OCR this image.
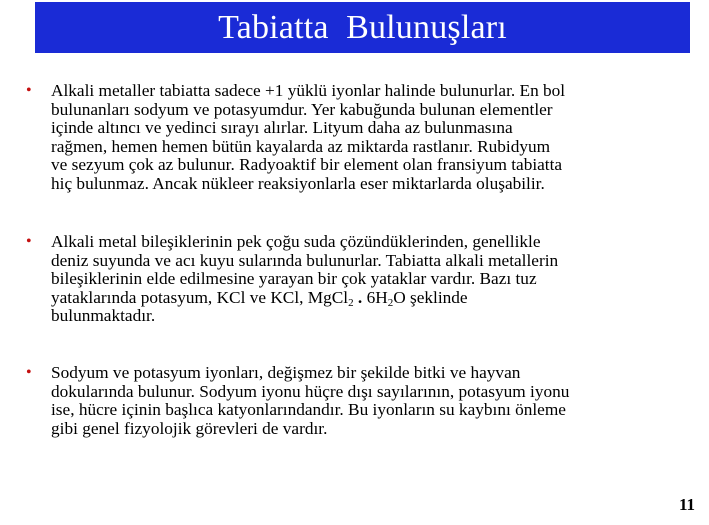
Tabiatta  Bulunuşları
• Alkali metaller tabiatta sadece +1 yüklü iyonlar halinde bulunurlar. En bol
bulunanları sodyum ve potasyumdur. Yer kabuğunda bulunan elementler
içinde altıncı ve yedinci sırayı alırlar. Lityum daha az bulunmasına
rağmen, hemen hemen bütün kayalarda az miktarda rastlanır. Rubidyum
ve sezyum çok az bulunur. Radyoaktif bir element olan fransiyum tabiatta
hiç bulunmaz. Ancak nükleer reaksiyonlarla eser miktarlarda oluşabilir.
• Alkali metal bileşiklerinin pek çoğu suda çözündüklerinden, genellikle
deniz suyunda ve acı kuyu sularında bulunurlar. Tabiatta alkali metallerin
bileşiklerinin elde edilmesine yarayan bir çok yataklar vardır. Bazı tuz
yataklarında potasyum, KCl ve KCl, MgCl$_2$ . $6H_2O$ şeklinde
bulunmaktadır.
• Sodyum ve potasyum iyonları, değişmez bir şekilde bitki ve hayvan
dokularında bulunur. Sodyum iyonu hüçre dışı sayılarının, potasyum iyonu
ise, hücre içinin başlıca katyonlarındandır. Bu iyonların su kaybını önleme
gibi genel fizyolojik görevleri de vardır.
11
